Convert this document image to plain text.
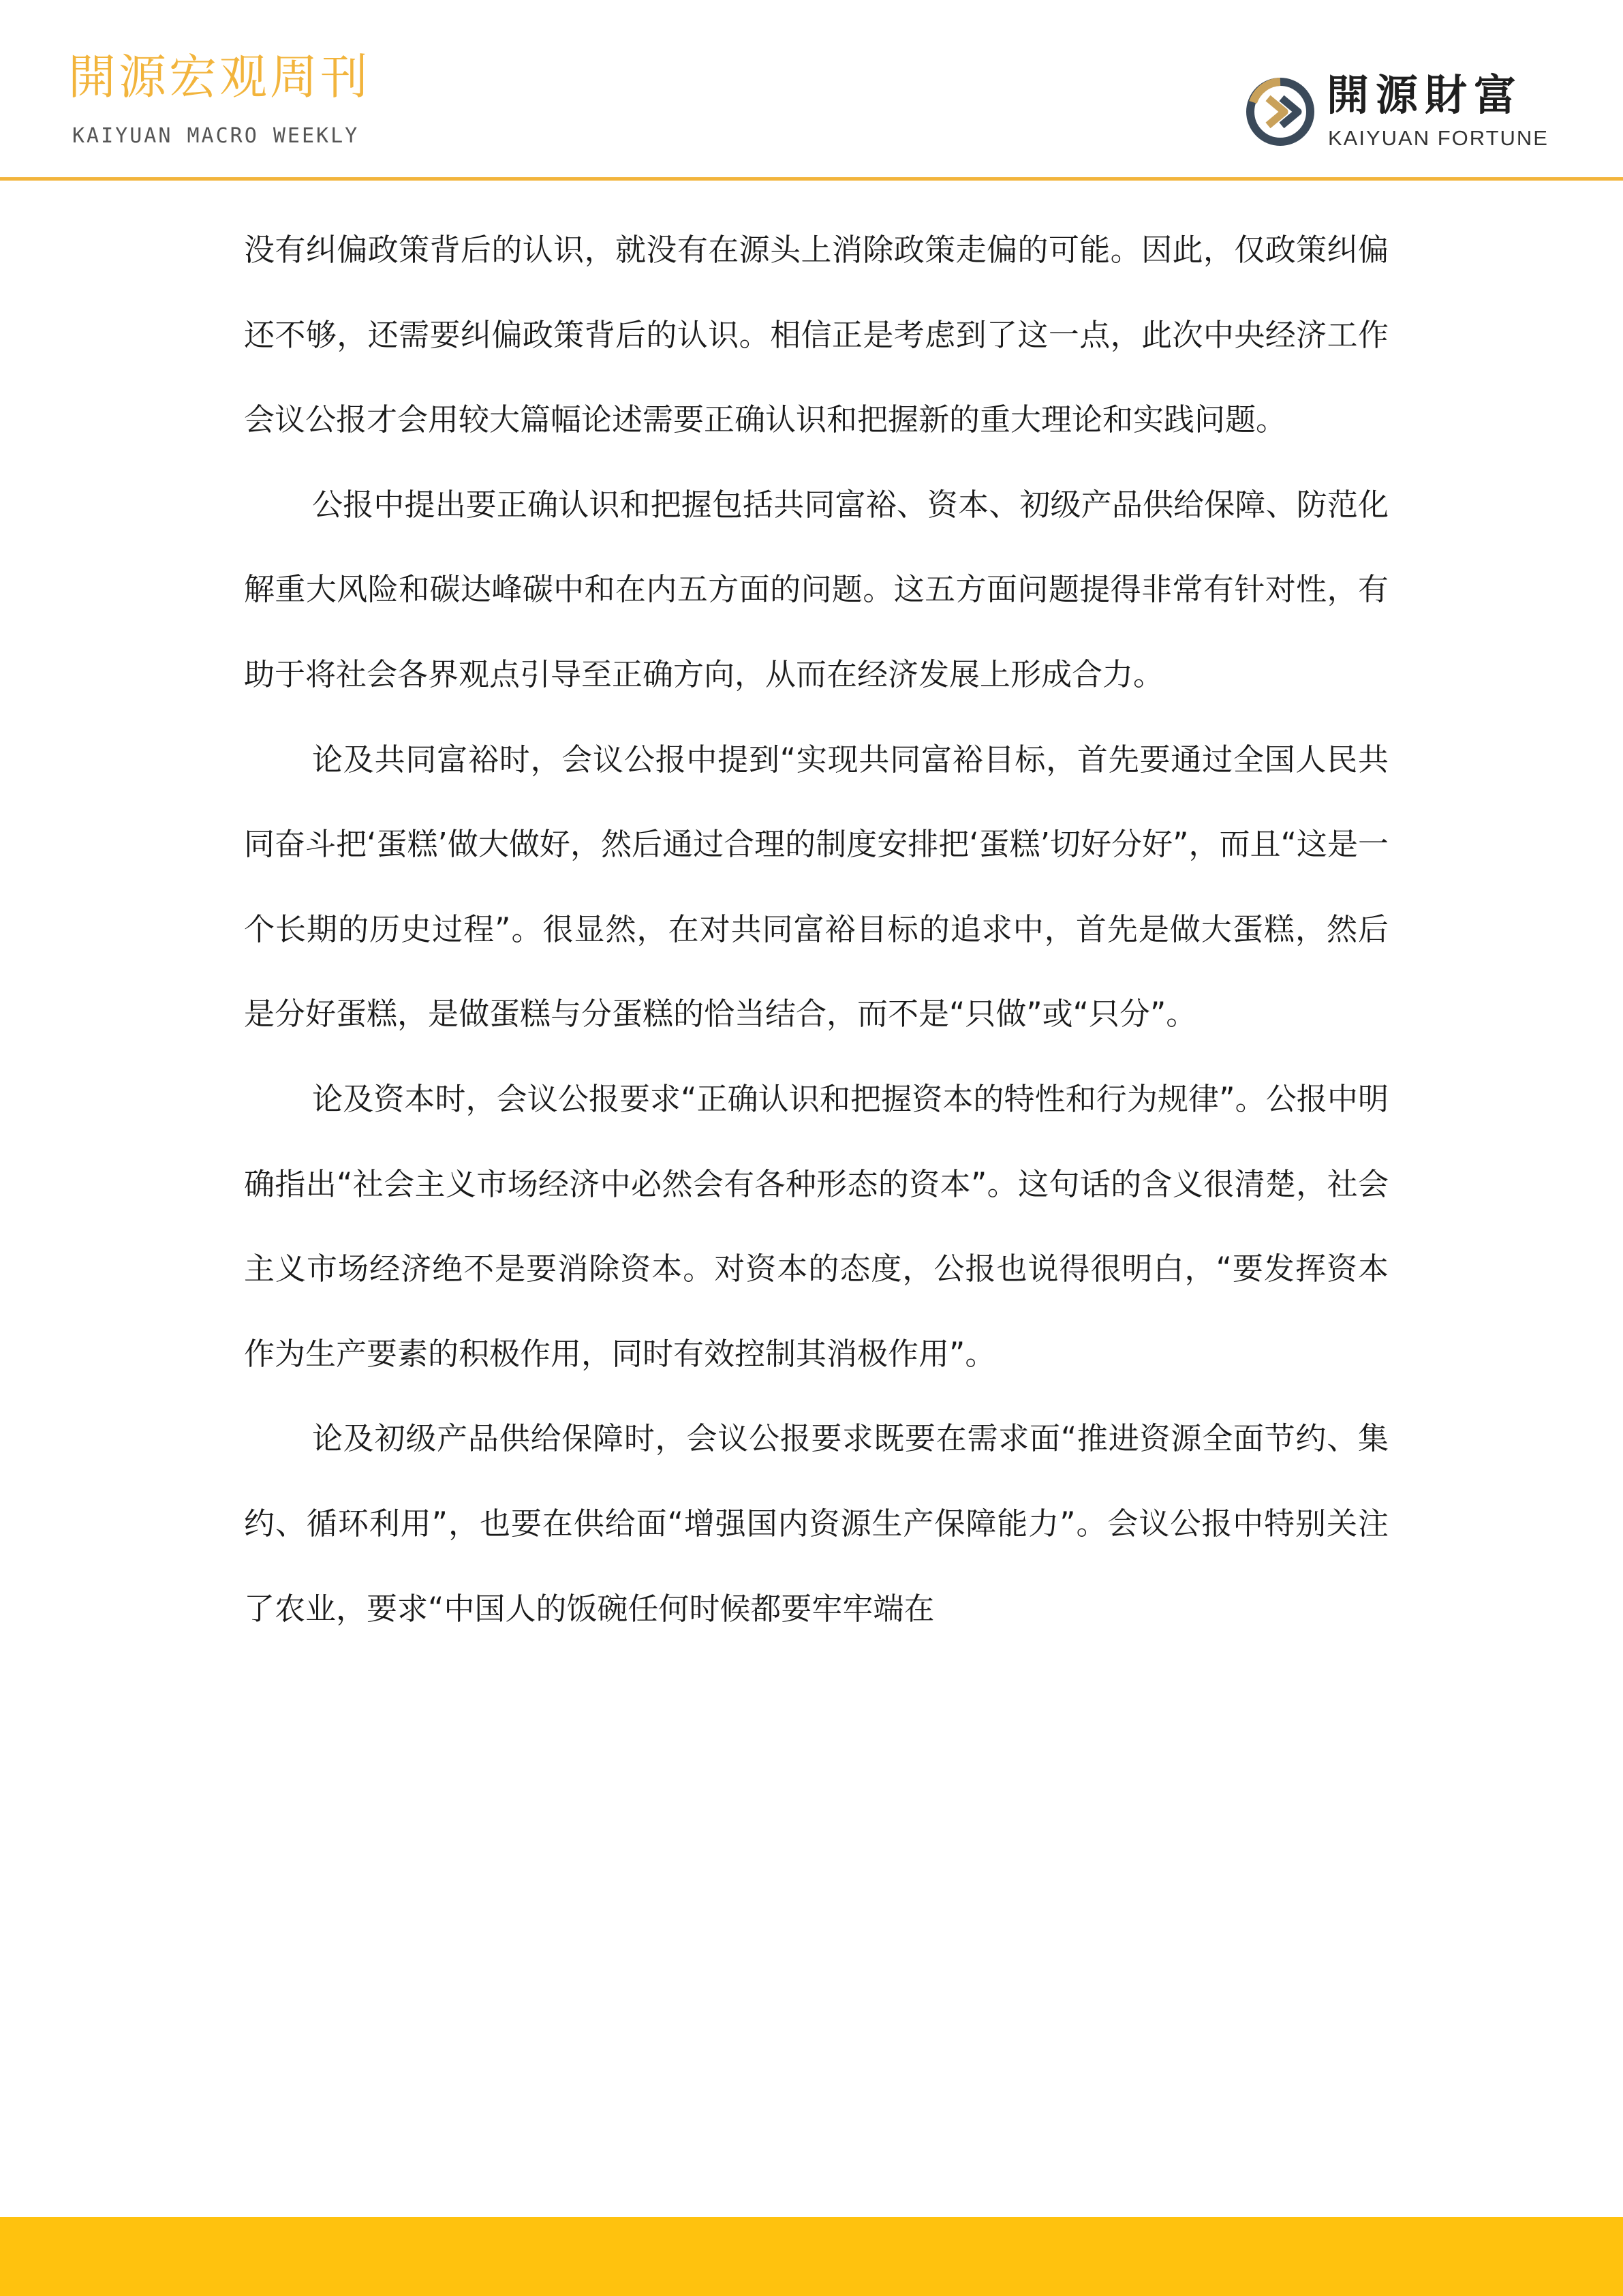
開源宏观周刊
KAIYUAN MACRO WEEKLY
開源財富
KAIYUAN FORTUNE

没有纠偏政策背后的认识，就没有在源头上消除政策走偏的可能。因此，仅政策纠偏还不够，还需要纠偏政策背后的认识。相信正是考虑到了这一点，此次中央经济工作会议公报才会用较大篇幅论述需要正确认识和把握新的重大理论和实践问题。

公报中提出要正确认识和把握包括共同富裕、资本、初级产品供给保障、防范化解重大风险和碳达峰碳中和在内五方面的问题。这五方面问题提得非常有针对性，有助于将社会各界观点引导至正确方向，从而在经济发展上形成合力。

论及共同富裕时，会议公报中提到“实现共同富裕目标，首先要通过全国人民共同奋斗把‘蛋糕’做大做好，然后通过合理的制度安排把‘蛋糕’切好分好”，而且“这是一个长期的历史过程”。很显然，在对共同富裕目标的追求中，首先是做大蛋糕，然后是分好蛋糕，是做蛋糕与分蛋糕的恰当结合，而不是“只做”或“只分”。

论及资本时，会议公报要求“正确认识和把握资本的特性和行为规律”。公报中明确指出“社会主义市场经济中必然会有各种形态的资本”。这句话的含义很清楚，社会主义市场经济绝不是要消除资本。对资本的态度，公报也说得很明白，“要发挥资本作为生产要素的积极作用，同时有效控制其消极作用”。

论及初级产品供给保障时，会议公报要求既要在需求面“推进资源全面节约、集约、循环利用”，也要在供给面“增强国内资源生产保障能力”。会议公报中特别关注了农业，要求“中国人的饭碗任何时候都要牢牢端在
